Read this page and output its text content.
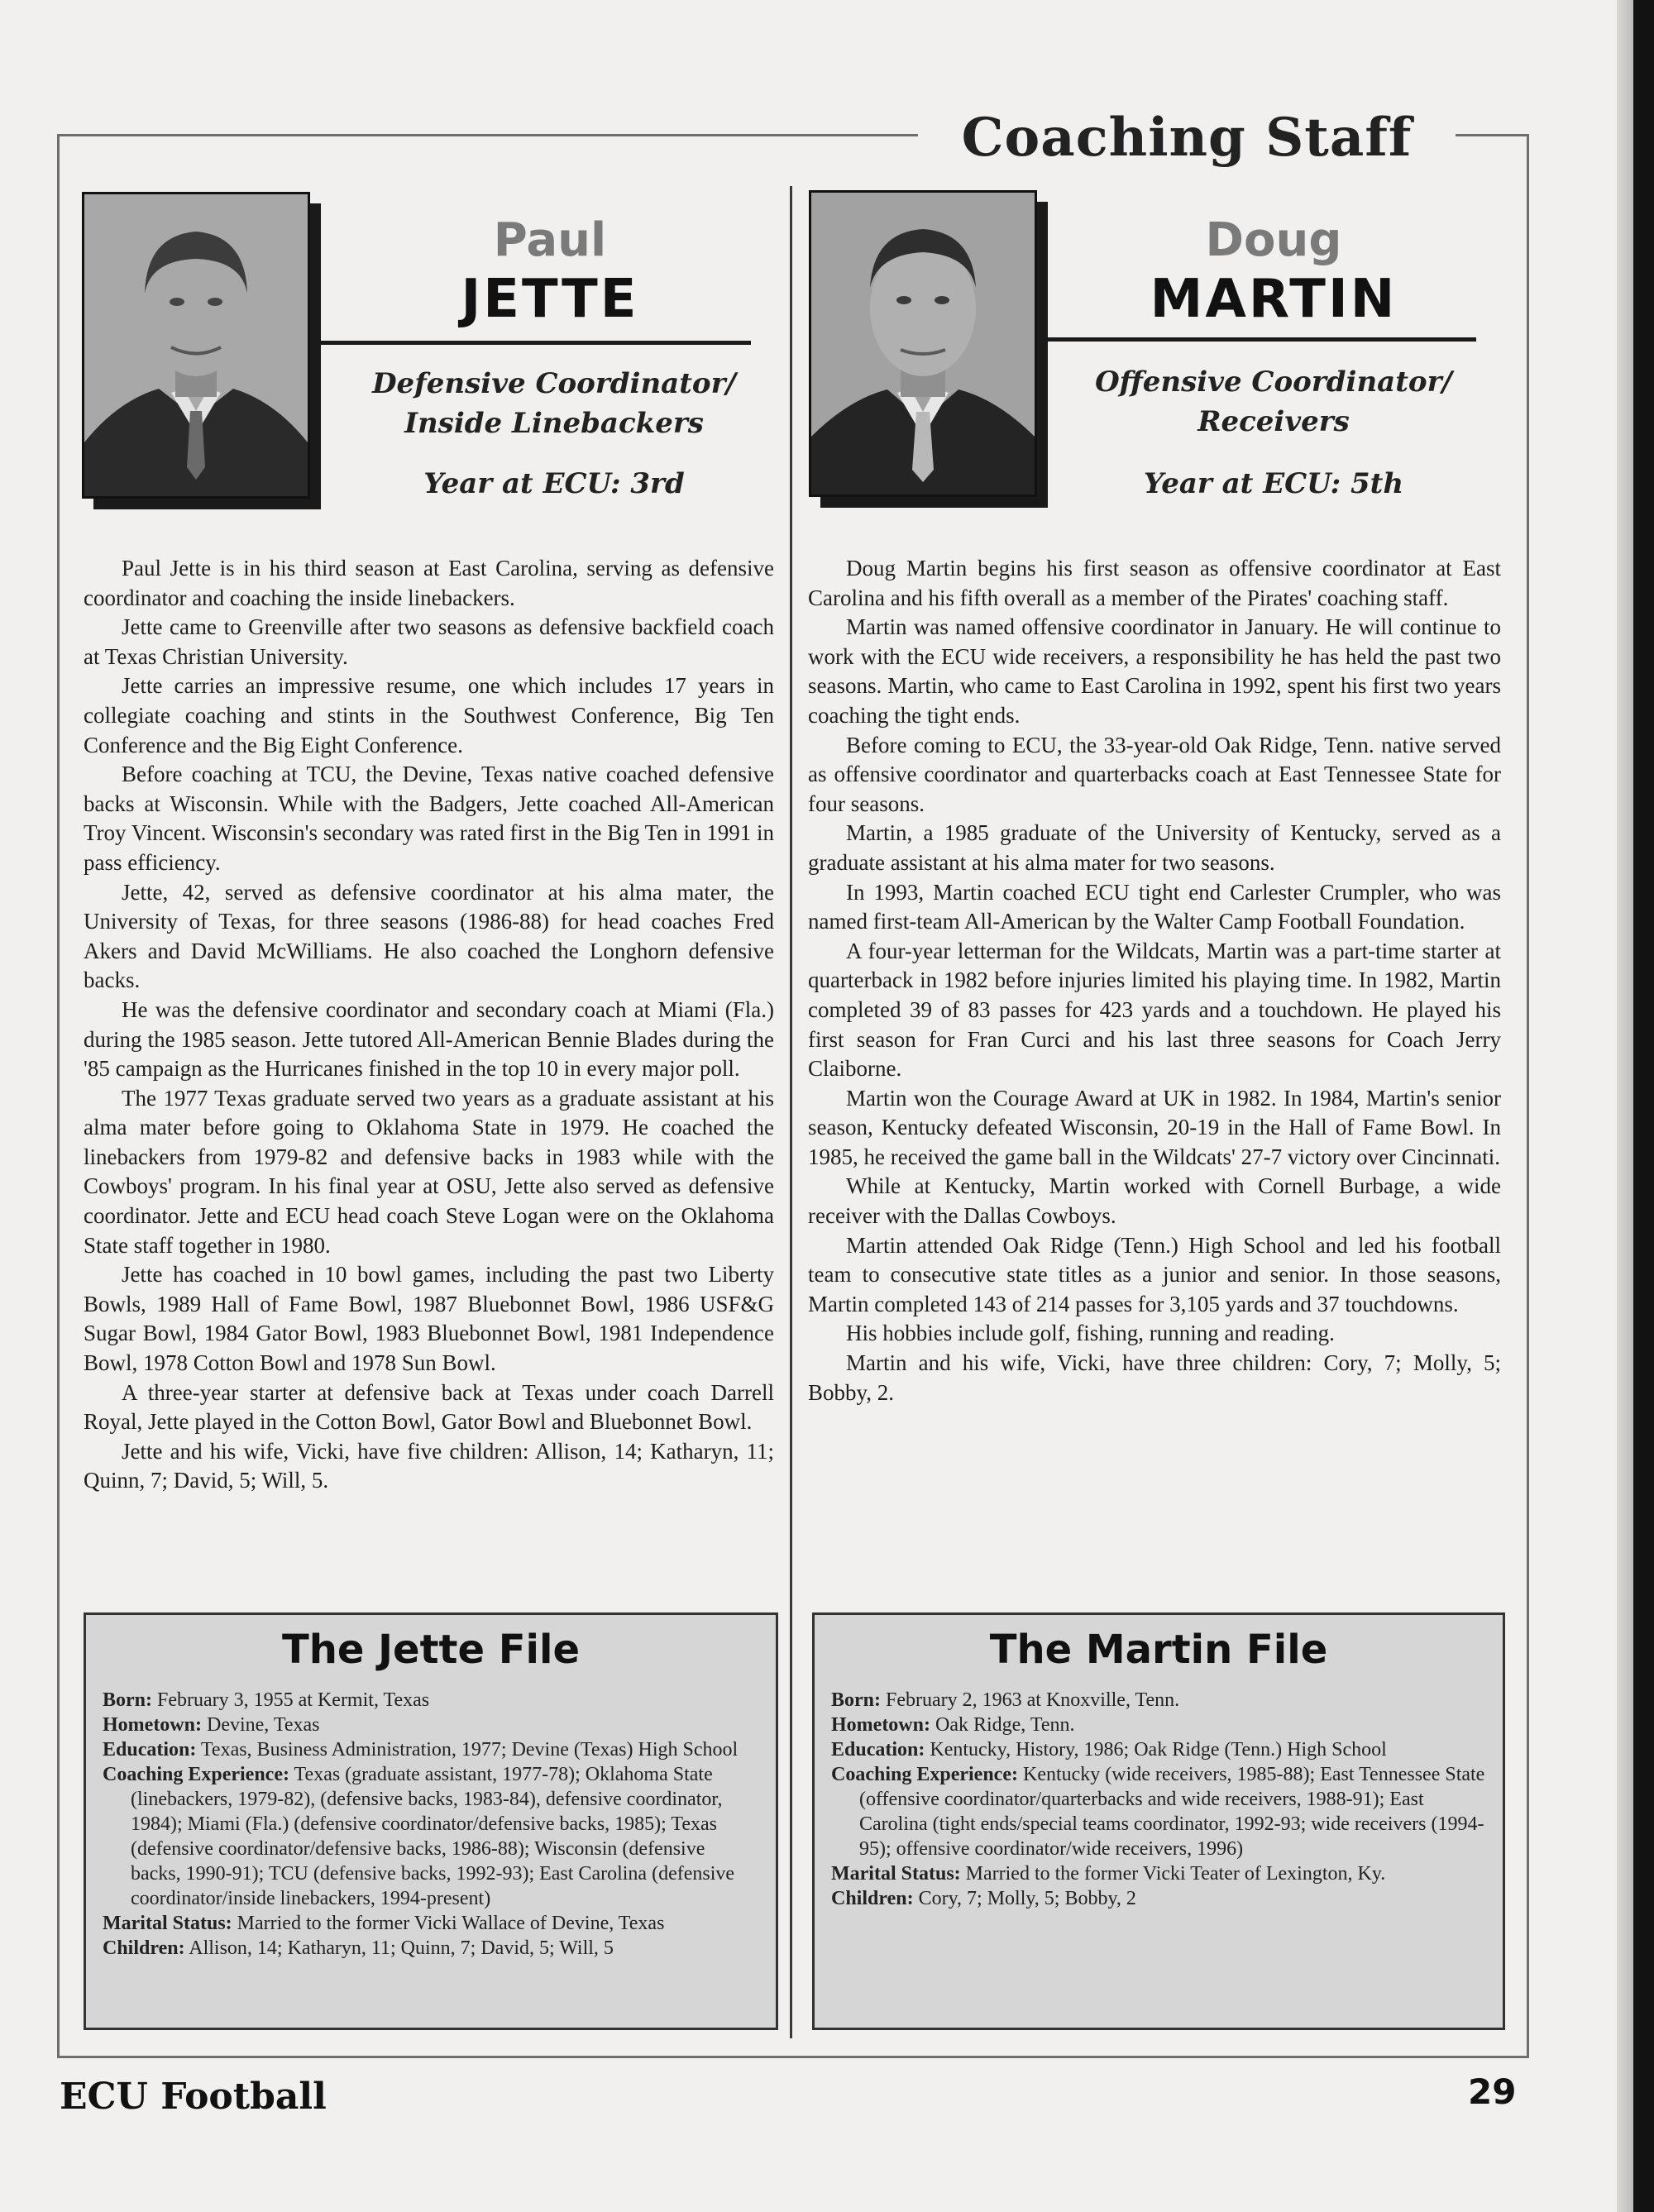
Coaching Staff
Paul
JETTE
Defensive Coordinator/
Inside Linebackers
Year at ECU: 3rd

Paul Jette is in his third season at East Carolina, serving as defensive coordinator and coaching the inside linebackers.

Jette came to Greenville after two seasons as defensive backfield coach at Texas Christian University.

Jette carries an impressive resume, one which includes 17 years in collegiate coaching and stints in the Southwest Conference, Big Ten Conference and the Big Eight Conference.

Before coaching at TCU, the Devine, Texas native coached defensive backs at Wisconsin. While with the Badgers, Jette coached All-American Troy Vincent. Wisconsin's secondary was rated first in the Big Ten in 1991 in pass efficiency.

Jette, 42, served as defensive coordinator at his alma mater, the University of Texas, for three seasons (1986-88) for head coaches Fred Akers and David McWilliams. He also coached the Longhorn defensive backs.

He was the defensive coordinator and secondary coach at Miami (Fla.) during the 1985 season. Jette tutored All-American Bennie Blades during the '85 campaign as the Hurricanes finished in the top 10 in every major poll.

The 1977 Texas graduate served two years as a graduate assistant at his alma mater before going to Oklahoma State in 1979. He coached the linebackers from 1979-82 and defensive backs in 1983 while with the Cowboys' program. In his final year at OSU, Jette also served as defensive coordinator. Jette and ECU head coach Steve Logan were on the Oklahoma State staff together in 1980.

Jette has coached in 10 bowl games, including the past two Liberty Bowls, 1989 Hall of Fame Bowl, 1987 Bluebonnet Bowl, 1986 USF&G Sugar Bowl, 1984 Gator Bowl, 1983 Bluebonnet Bowl, 1981 Independence Bowl, 1978 Cotton Bowl and 1978 Sun Bowl.

A three-year starter at defensive back at Texas under coach Darrell Royal, Jette played in the Cotton Bowl, Gator Bowl and Bluebonnet Bowl.

Jette and his wife, Vicki, have five children: Allison, 14; Katharyn, 11; Quinn, 7; David, 5; Will, 5.

The Jette File
Born: February 3, 1955 at Kermit, Texas
Hometown: Devine, Texas
Education: Texas, Business Administration, 1977; Devine (Texas) High School
Coaching Experience: Texas (graduate assistant, 1977-78); Oklahoma State (linebackers, 1979-82), (defensive backs, 1983-84), defensive coordinator, 1984); Miami (Fla.) (defensive coordinator/defensive backs, 1985); Texas (defensive coordinator/defensive backs, 1986-88); Wisconsin (defensive backs, 1990-91); TCU (defensive backs, 1992-93); East Carolina (defensive coordinator/inside linebackers, 1994-present)
Marital Status: Married to the former Vicki Wallace of Devine, Texas
Children: Allison, 14; Katharyn, 11; Quinn, 7; David, 5; Will, 5
Doug
MARTIN
Offensive Coordinator/
Receivers
Year at ECU: 5th

Doug Martin begins his first season as offensive coordinator at East Carolina and his fifth overall as a member of the Pirates' coaching staff.

Martin was named offensive coordinator in January. He will continue to work with the ECU wide receivers, a responsibility he has held the past two seasons. Martin, who came to East Carolina in 1992, spent his first two years coaching the tight ends.

Before coming to ECU, the 33-year-old Oak Ridge, Tenn. native served as offensive coordinator and quarterbacks coach at East Tennessee State for four seasons.

Martin, a 1985 graduate of the University of Kentucky, served as a graduate assistant at his alma mater for two seasons.

In 1993, Martin coached ECU tight end Carlester Crumpler, who was named first-team All-American by the Walter Camp Football Foundation.

A four-year letterman for the Wildcats, Martin was a part-time starter at quarterback in 1982 before injuries limited his playing time. In 1982, Martin completed 39 of 83 passes for 423 yards and a touchdown. He played his first season for Fran Curci and his last three seasons for Coach Jerry Claiborne.

Martin won the Courage Award at UK in 1982. In 1984, Martin's senior season, Kentucky defeated Wisconsin, 20-19 in the Hall of Fame Bowl. In 1985, he received the game ball in the Wildcats' 27-7 victory over Cincinnati.

While at Kentucky, Martin worked with Cornell Burbage, a wide receiver with the Dallas Cowboys.

Martin attended Oak Ridge (Tenn.) High School and led his football team to consecutive state titles as a junior and senior. In those seasons, Martin completed 143 of 214 passes for 3,105 yards and 37 touchdowns.

His hobbies include golf, fishing, running and reading.

Martin and his wife, Vicki, have three children: Cory, 7; Molly, 5; Bobby, 2.

The Martin File
Born: February 2, 1963 at Knoxville, Tenn.
Hometown: Oak Ridge, Tenn.
Education: Kentucky, History, 1986; Oak Ridge (Tenn.) High School
Coaching Experience: Kentucky (wide receivers, 1985-88); East Tennessee State (offensive coordinator/quarterbacks and wide receivers, 1988-91); East Carolina (tight ends/special teams coordinator, 1992-93; wide receivers (1994-95); offensive coordinator/wide receivers, 1996)
Marital Status: Married to the former Vicki Teater of Lexington, Ky.
Children: Cory, 7; Molly, 5; Bobby, 2
ECU Football	29
